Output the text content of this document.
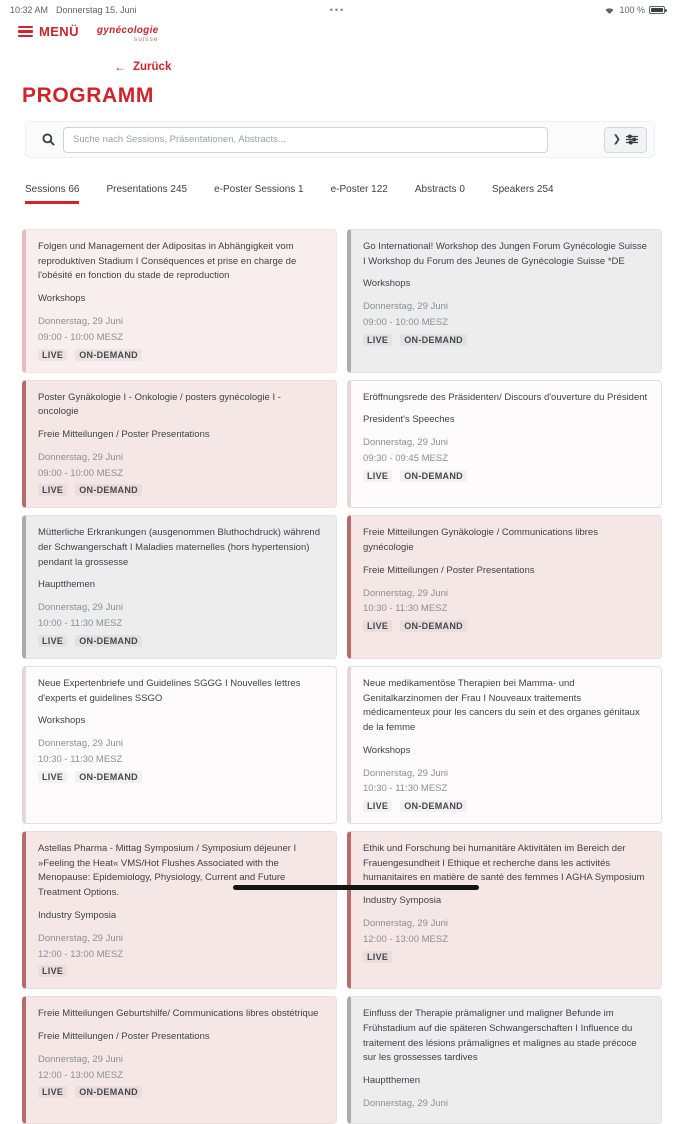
10:32 AM Donnerstag 15. Juni	•••	100 %
MENÜ gynécologie
suisse
← Zurück
PROGRAMM
Suche nach Sessions, Präsentationen, Abstracts...
❯
Sessions 66	Presentations 245	e-Poster Sessions 1	e-Poster 122	Abstracts 0	Speakers 254
Folgen und Management der Adipositas in Abhängigkeit vom reproduktiven Stadium I Conséquences et prise en charge de l'obésité en fonction du stade de reproduction
Workshops
Donnerstag, 29 Juni
09:00 - 10:00 MESZ
LIVE	ON-DEMAND
Go International! Workshop des Jungen Forum Gynécologie Suisse I Workshop du Forum des Jeunes de Gynécologie Suisse *DE
Workshops
Donnerstag, 29 Juni
09:00 - 10:00 MESZ
LIVE	ON-DEMAND
Poster Gynäkologie I - Onkologie / posters gynécologie I - oncologie
Freie Mitteilungen / Poster Presentations
Donnerstag, 29 Juni
09:00 - 10:00 MESZ
LIVE	ON-DEMAND
Eröffnungsrede des Präsidenten/ Discours d'ouverture du Président
President's Speeches
Donnerstag, 29 Juni
09:30 - 09:45 MESZ
LIVE	ON-DEMAND
Mütterliche Erkrankungen (ausgenommen Bluthochdruck) während der Schwangerschaft I Maladies maternelles (hors hypertension) pendant la grossesse
Hauptthemen
Donnerstag, 29 Juni
10:00 - 11:30 MESZ
LIVE	ON-DEMAND
Freie Mitteilungen Gynäkologie / Communications libres gynécologie
Freie Mitteilungen / Poster Presentations
Donnerstag, 29 Juni
10:30 - 11:30 MESZ
LIVE	ON-DEMAND
Neue Expertenbriefe und Guidelines SGGG I Nouvelles lettres d'experts et guidelines SSGO
Workshops
Donnerstag, 29 Juni
10:30 - 11:30 MESZ
LIVE	ON-DEMAND
Neue medikamentöse Therapien bei Mamma- und Genitalkarzinomen der Frau I Nouveaux traitements médicamenteux pour les cancers du sein et des organes génitaux de la femme
Workshops
Donnerstag, 29 Juni
10:30 - 11:30 MESZ
LIVE	ON-DEMAND
Astellas Pharma - Mittag Symposium / Symposium déjeuner I »Feeling the Heat« VMS/Hot Flushes Associated with the Menopause: Epidemiology, Physiology, Current and Future Treatment Options.
Industry Symposia
Donnerstag, 29 Juni
12:00 - 13:00 MESZ
LIVE
Ethik und Forschung bei humanitäre Aktivitäten im Bereich der Frauengesundheit I Ethique et recherche dans les activités humanitaires en matière de santé des femmes I AGHA Symposium
Industry Symposia
Donnerstag, 29 Juni
12:00 - 13:00 MESZ
LIVE
Freie Mitteilungen Geburtshilfe/ Communications libres obstétrique
Freie Mitteilungen / Poster Presentations
Donnerstag, 29 Juni
12:00 - 13:00 MESZ
LIVE	ON-DEMAND
Einfluss der Therapie prämaligner und maligner Befunde im Frühstadium auf die späteren Schwangerschaften I Influence du traitement des lésions prämalignes et malignes au stade précoce sur les grossesses tardives
Hauptthemen
Donnerstag, 29 Juni
